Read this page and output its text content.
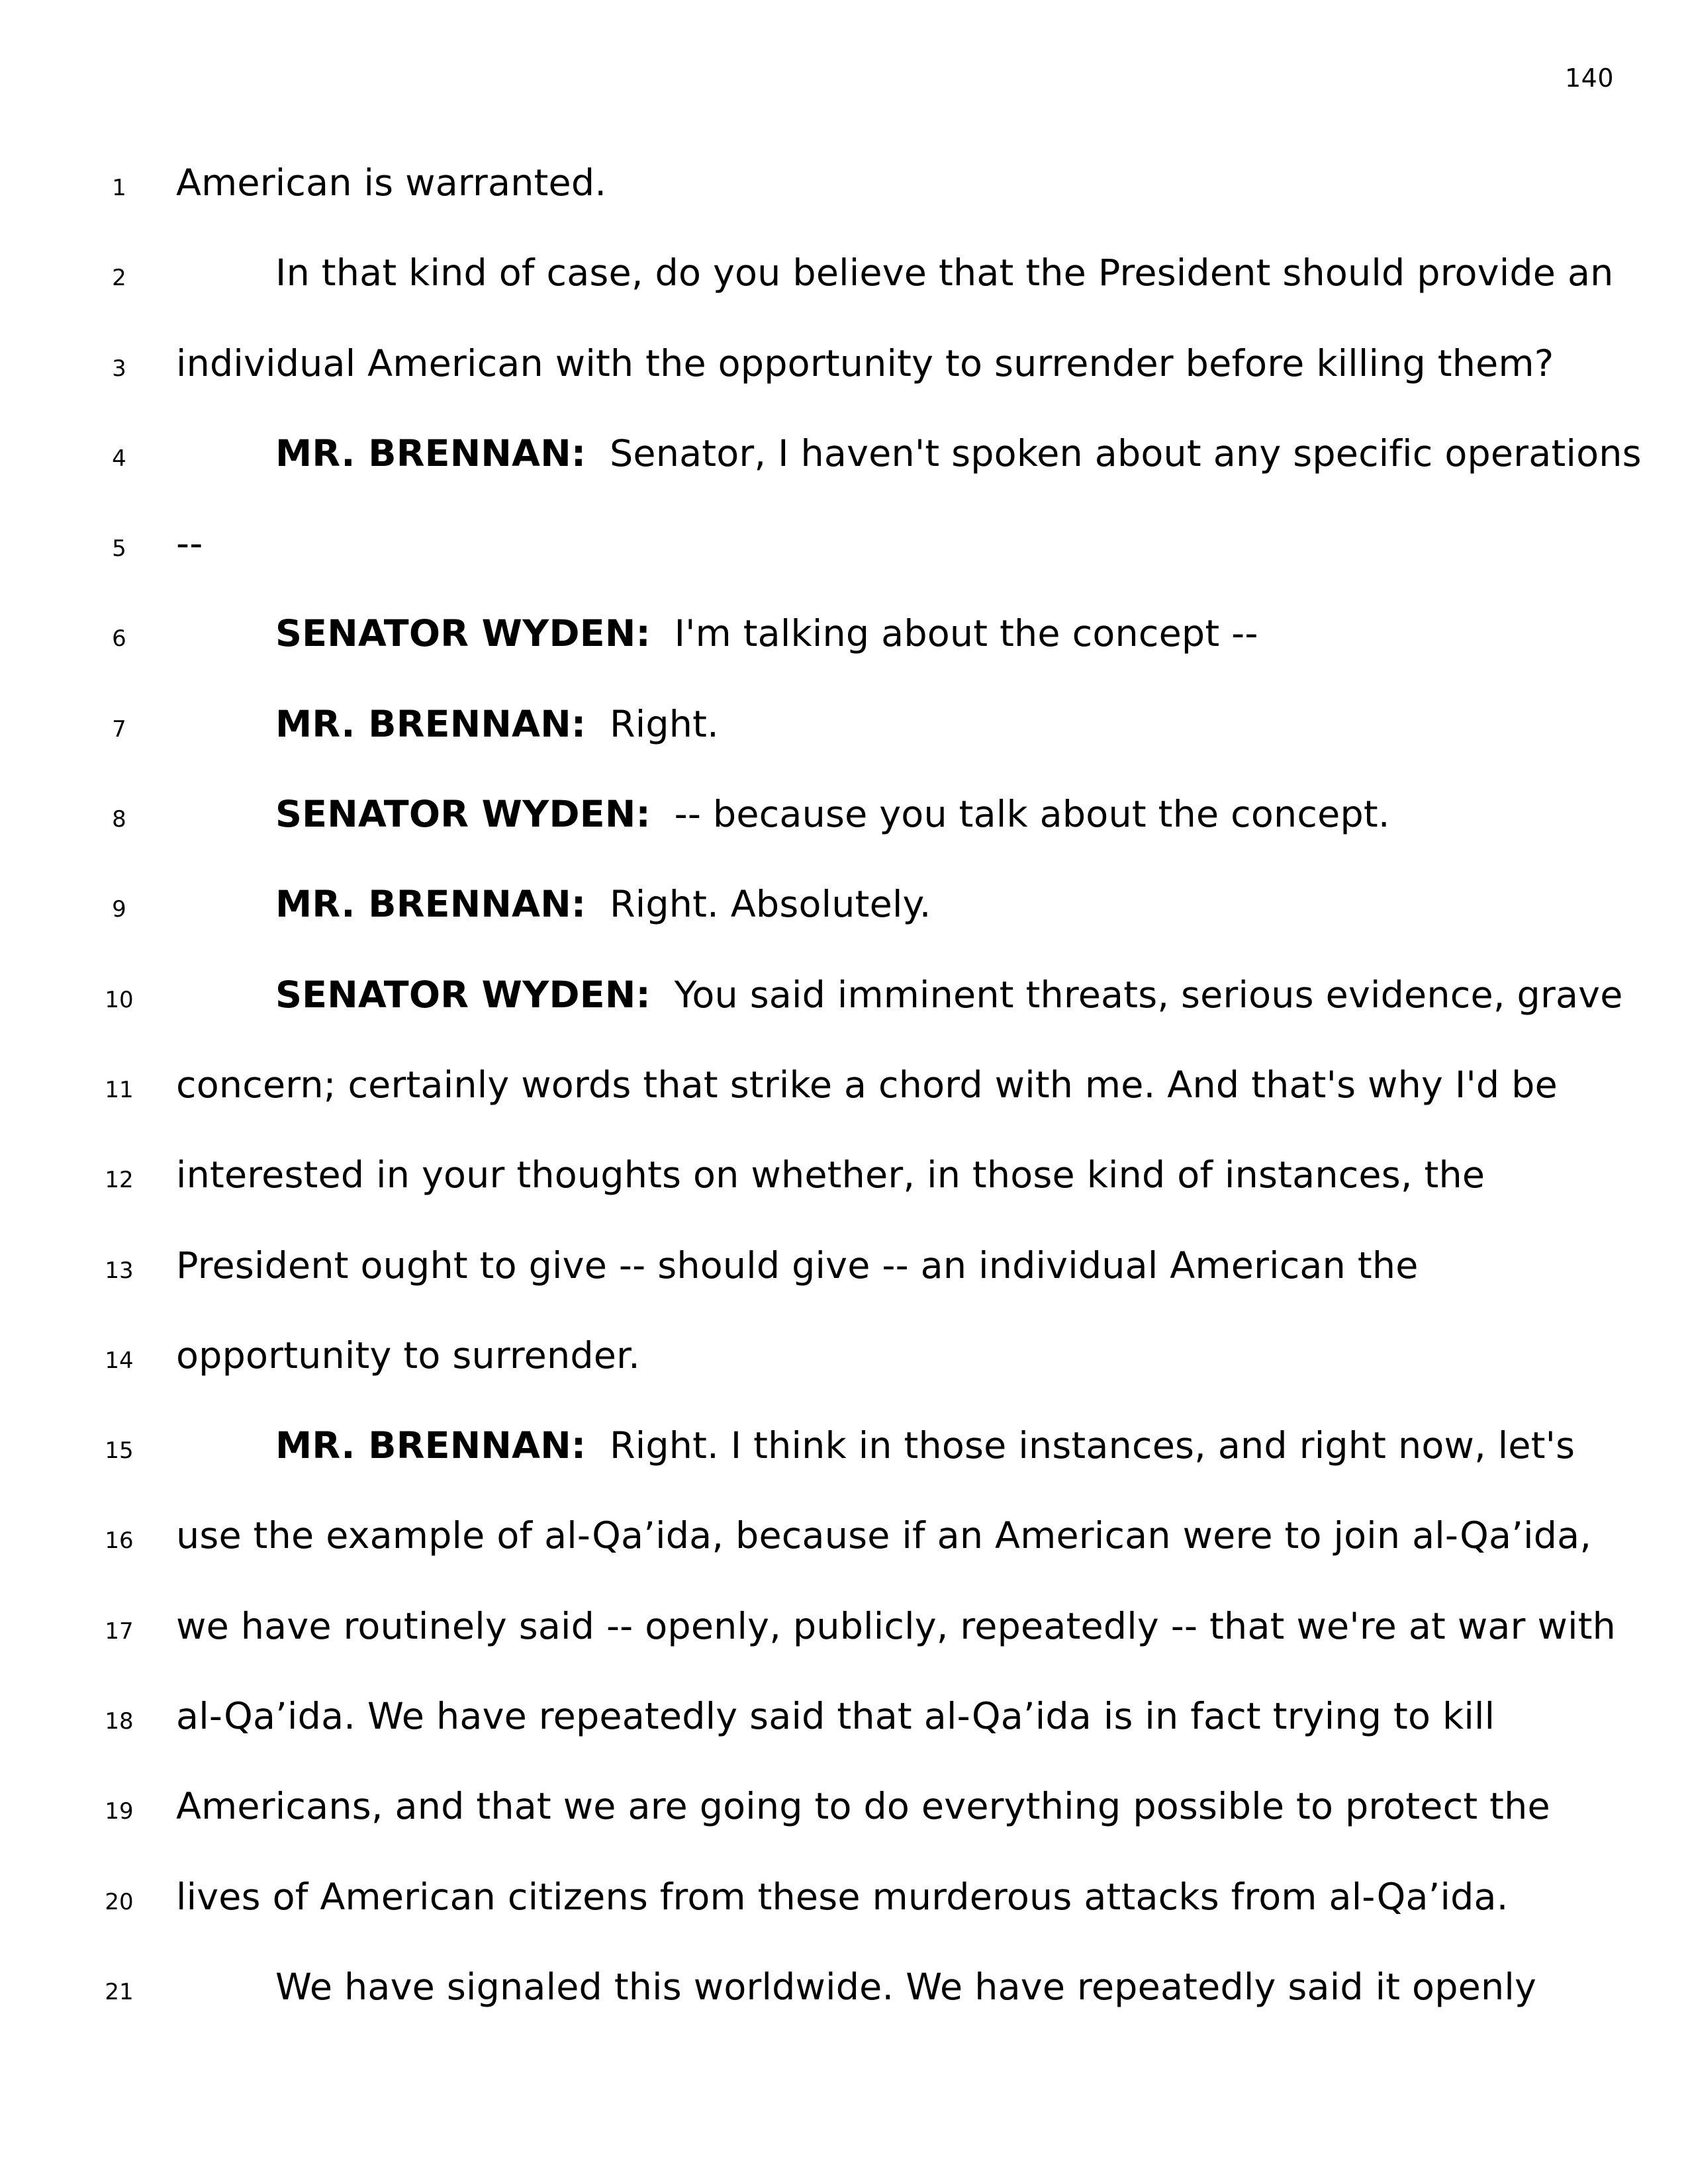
140
1	American is warranted.
2	In that kind of case, do you believe that the President should provide an
3	individual American with the opportunity to surrender before killing them?
4	MR. BRENNAN: Senator, I haven't spoken about any specific operations
5	--
6	SENATOR WYDEN: I'm talking about the concept --
7	MR. BRENNAN: Right.
8	SENATOR WYDEN: -- because you talk about the concept.
9	MR. BRENNAN: Right. Absolutely.
10	SENATOR WYDEN: You said imminent threats, serious evidence, grave
11 concern; certainly words that strike a chord with me. And that's why I'd be
12 interested in your thoughts on whether, in those kind of instances, the
13 President ought to give -- should give -- an individual American the
14 opportunity to surrender.
15	MR. BRENNAN: Right. I think in those instances, and right now, let's
16 use the example of al-Qa’ida, because if an American were to join al-Qa’ida,
17 we have routinely said -- openly, publicly, repeatedly -- that we're at war with
18 al-Qa’ida. We have repeatedly said that al-Qa’ida is in fact trying to kill
19 Americans, and that we are going to do everything possible to protect the
20 lives of American citizens from these murderous attacks from al-Qa’ida.
21	We have signaled this worldwide. We have repeatedly said it openly
